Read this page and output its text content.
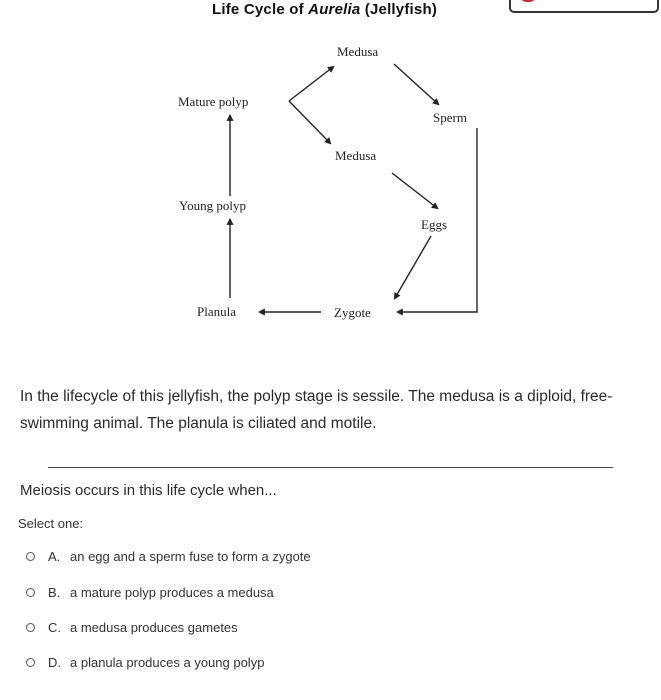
Life Cycle of Aurelia (Jellyfish)
Medusa
Mature polyp
Sperm
Medusa
Young polyp
Eggs
Planula	Zygote

In the lifecycle of this jellyfish, the polyp stage is sessile. The medusa is a diploid, free-swimming animal. The planula is ciliated and motile.

Meiosis occurs in this life cycle when...

Select one:

A. an egg and a sperm fuse to form a zygote
B. a mature polyp produces a medusa
C. a medusa produces gametes
D. a planula produces a young polyp
